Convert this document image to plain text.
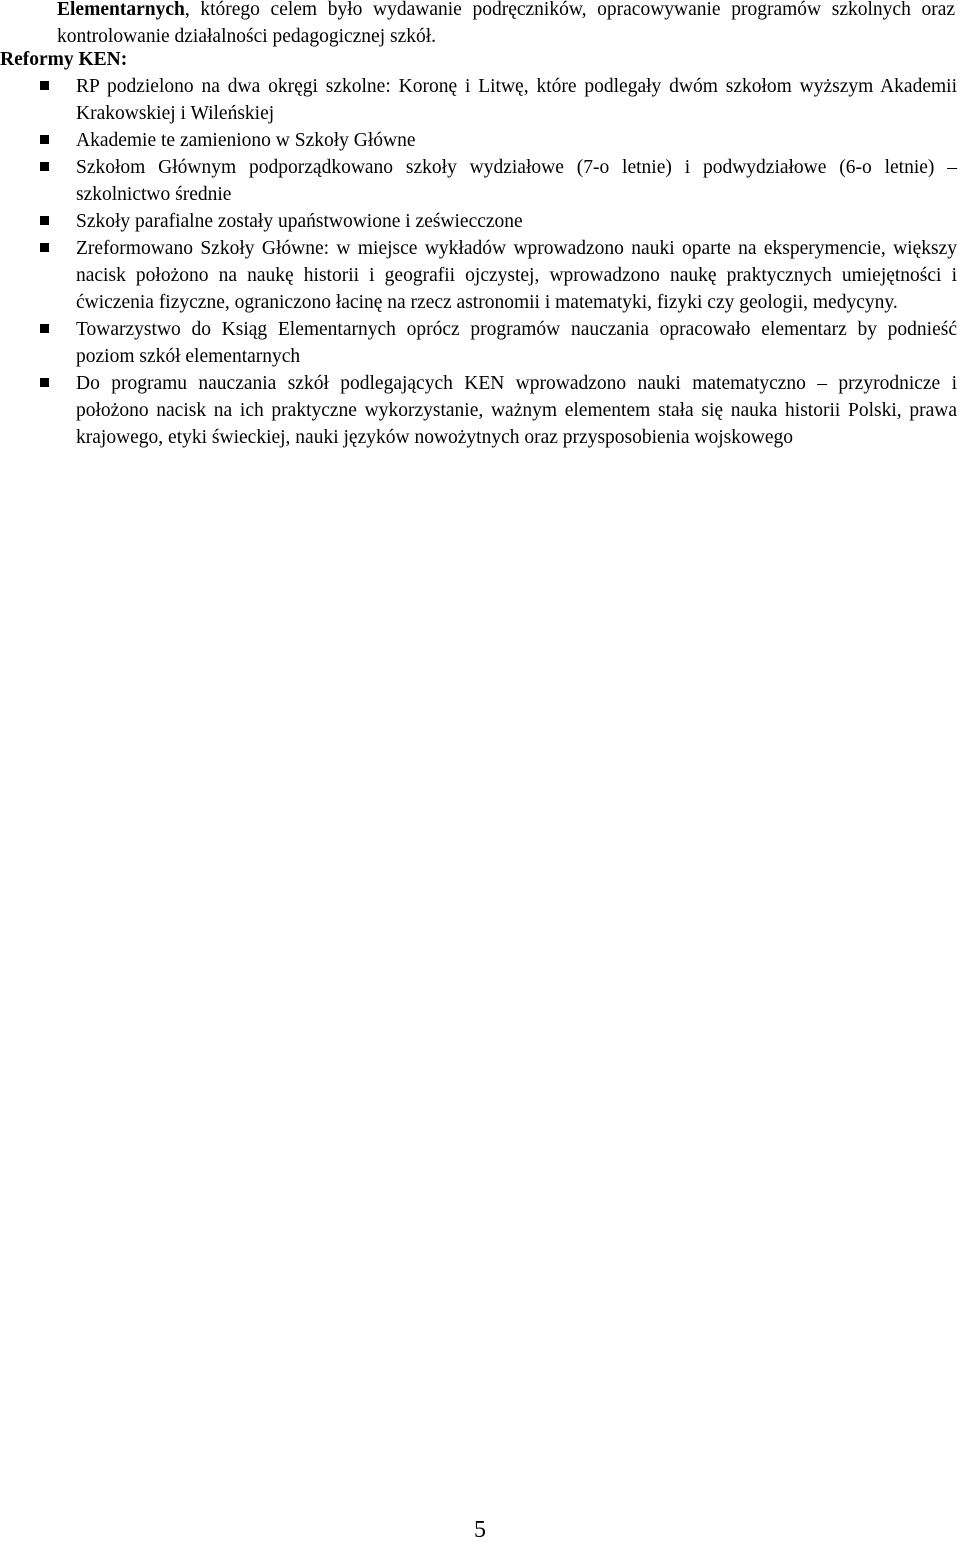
Elementarnych, którego celem było wydawanie podręczników, opracowywanie programów szkolnych oraz kontrolowanie działalności pedagogicznej szkół.

Reformy KEN:
RP podzielono na dwa okręgi szkolne: Koronę i Litwę, które podlegały dwóm szkołom wyższym Akademii Krakowskiej i Wileńskiej
Akademie te zamieniono w Szkoły Główne
Szkołom Głównym podporządkowano szkoły wydziałowe (7-o letnie) i podwydziałowe (6-o letnie) – szkolnictwo średnie
Szkoły parafialne zostały upaństwowione i zeświecczone
Zreformowano Szkoły Główne: w miejsce wykładów wprowadzono nauki oparte na eksperymencie, większy nacisk położono na naukę historii i geografii ojczystej, wprowadzono naukę praktycznych umiejętności i ćwiczenia fizyczne, ograniczono łacinę na rzecz astronomii i matematyki, fizyki czy geologii, medycyny.
Towarzystwo do Ksiąg Elementarnych oprócz programów nauczania opracowało elementarz by podnieść poziom szkół elementarnych
Do programu nauczania szkół podlegających KEN wprowadzono nauki matematyczno – przyrodnicze i położono nacisk na ich praktyczne wykorzystanie, ważnym elementem stała się nauka historii Polski, prawa krajowego, etyki świeckiej, nauki języków nowożytnych oraz przysposobienia wojskowego
5
